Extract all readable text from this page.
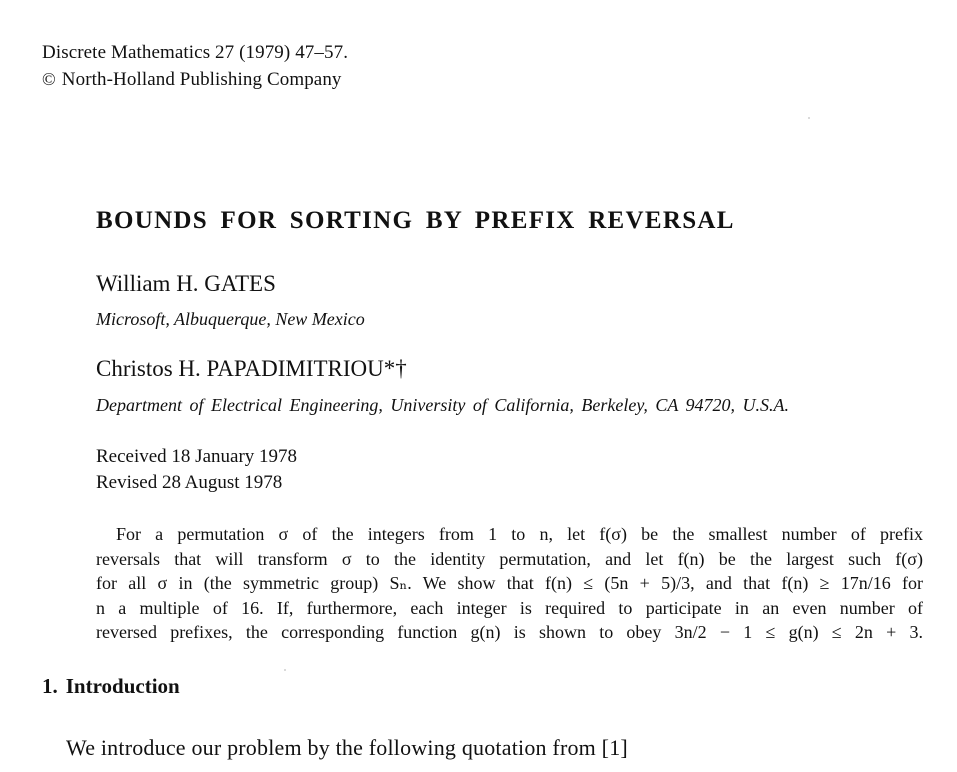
Discrete Mathematics 27 (1979) 47–57.
© North-Holland Publishing Company
BOUNDS FOR SORTING BY PREFIX REVERSAL
William H. GATES
Microsoft, Albuquerque, New Mexico
Christos H. PAPADIMITRIOU*†
Department of Electrical Engineering, University of California, Berkeley, CA 94720, U.S.A.
Received 18 January 1978
Revised 28 August 1978
For a permutation σ of the integers from 1 to n, let f(σ) be the smallest number of prefix
reversals that will transform σ to the identity permutation, and let f(n) be the largest such f(σ)
for all σ in (the symmetric group) Sₙ. We show that f(n) ≤ (5n + 5)/3, and that f(n) ≥ 17n/16 for
n a multiple of 16. If, furthermore, each integer is required to participate in an even number of
reversed prefixes, the corresponding function g(n) is shown to obey 3n/2 − 1 ≤ g(n) ≤ 2n + 3.
1. Introduction
We introduce our problem by the following quotation from [1]
